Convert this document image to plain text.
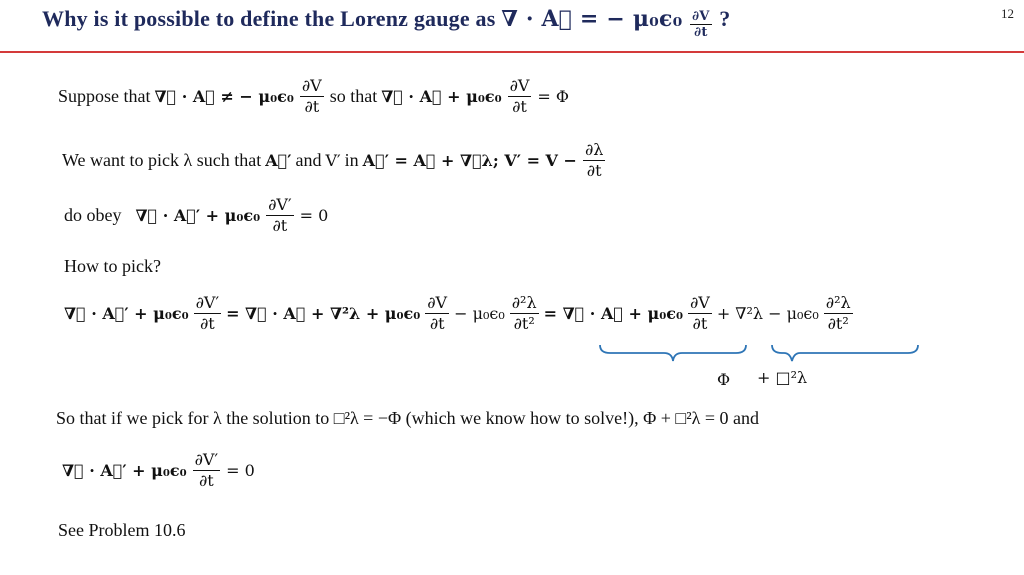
Why is it possible to define the Lorenz gauge as ∇ · A⃗ = − $\mu_0\epsilon_0 \frac{\partial V}{\partial t}$ ?	12
Suppose that ∇⃗ · A⃗ ≠ − $\mu_0\epsilon_0 \frac{\partial V}{\partial t}$ so that ∇⃗ · A⃗ + $\mu_0\epsilon_0 \frac{\partial V}{\partial t} = \Phi$
We want to pick λ such that A⃗′ and V′ in A⃗′ = A⃗ + ∇⃗λ; $V' = V - \frac{\partial\lambda}{\partial t}$
do obey ∇⃗ · A⃗′ + $\mu_0\epsilon_0 \frac{\partial V'}{\partial t} = 0$
How to pick?
∇⃗ · A⃗′ + $\mu_0\epsilon_0 \frac{\partial V'}{\partial t}$ = ∇⃗ · A⃗ + $\nabla^2\lambda + \mu_0\epsilon_0 \frac{\partial V}{\partial t} - \mu_0\epsilon_0 \frac{\text{∂²λ}}{\text{∂t²}}$ = ∇⃗ · A⃗ + $\mu_0\epsilon_0 \frac{\partial V}{\partial t} + \nabla^2\lambda - \mu_0\epsilon_0 \frac{\text{∂²λ}}{\text{∂t²}}$
Φ + □²λ
So that if we pick for λ the solution to □²λ = −Φ (which we know how to solve!), Φ + □²λ = 0 and
∇⃗ · A⃗′ + $\mu_0\epsilon_0 \frac{\partial V'}{\partial t} = 0$
See Problem 10.6
